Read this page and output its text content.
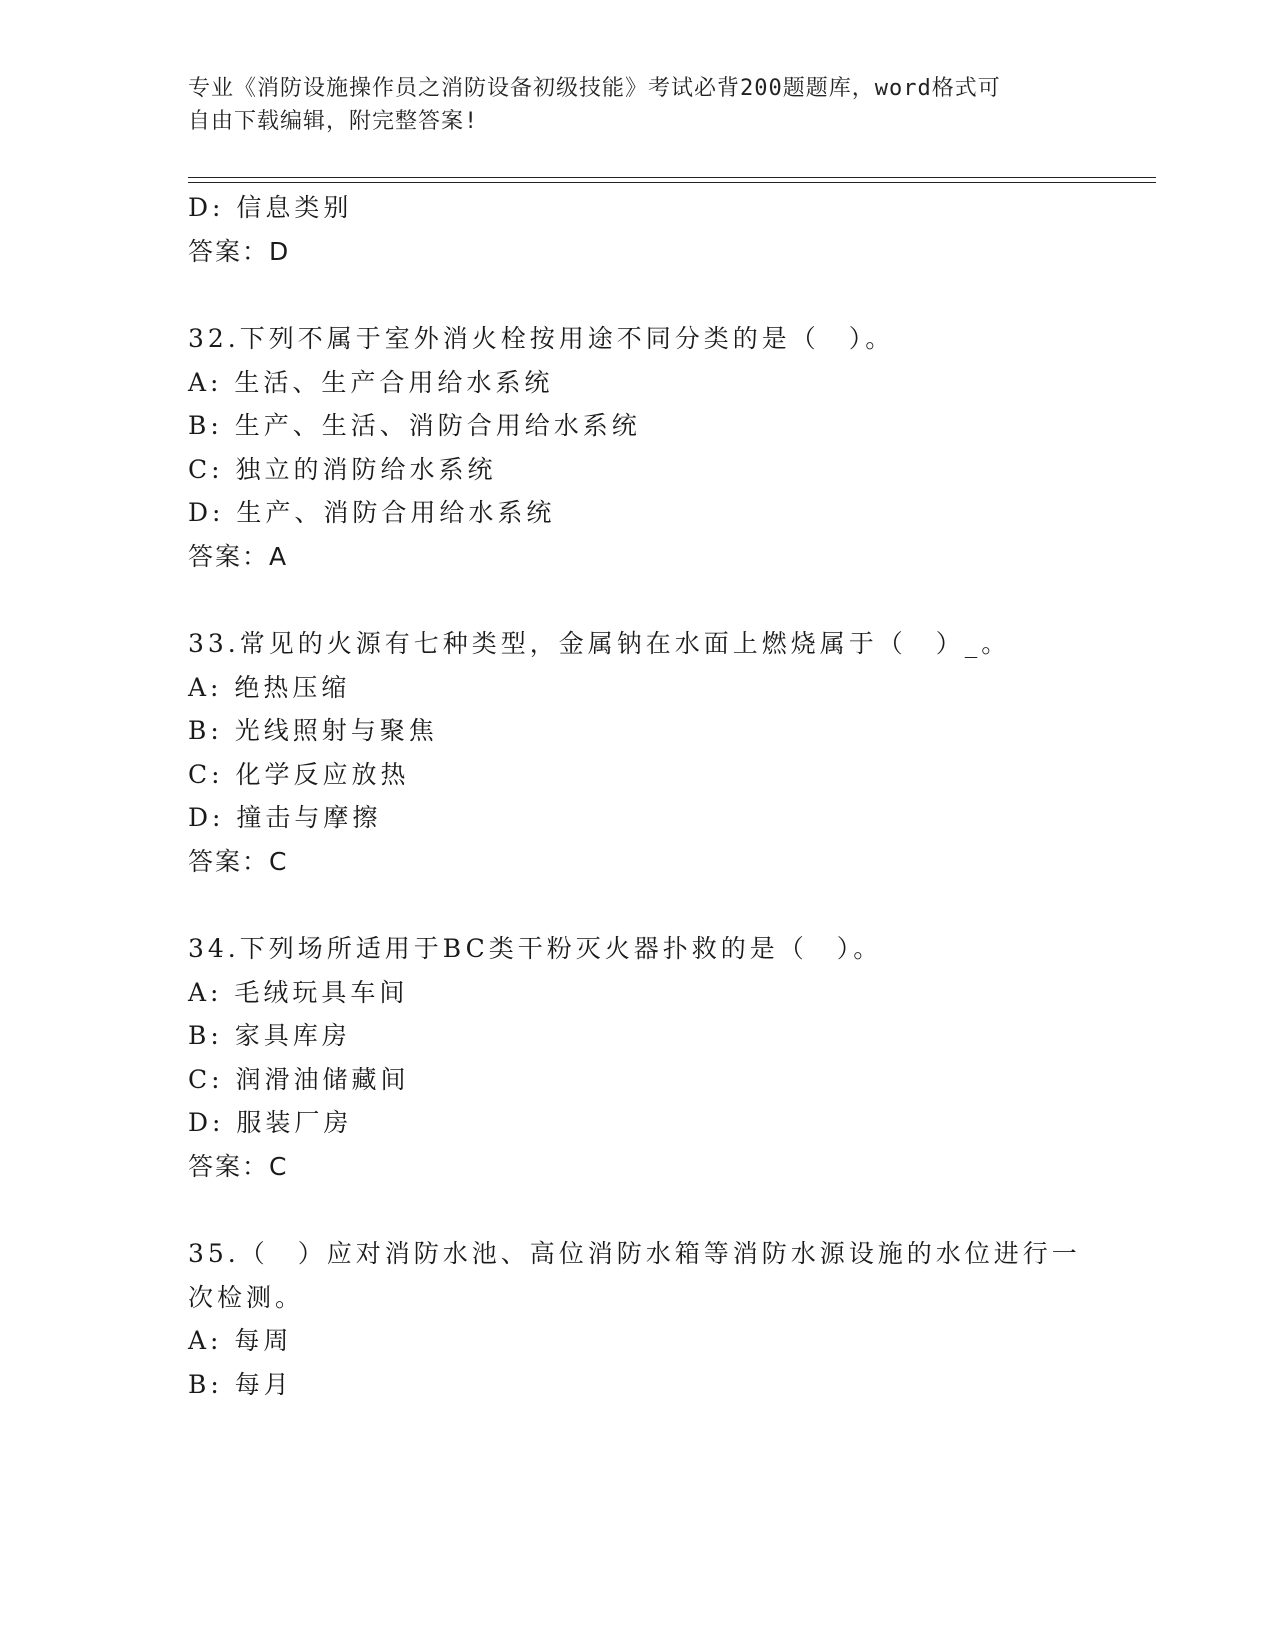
专业《消防设施操作员之消防设备初级技能》考试必背200题题库，word格式可
自由下载编辑，附完整答案!
D: 信息类别
答案：D
32.下列不属于室外消火栓按用途不同分类的是（　）。
A: 生活、生产合用给水系统
B: 生产、生活、消防合用给水系统
C: 独立的消防给水系统
D: 生产、消防合用给水系统
答案：A
33.常见的火源有七种类型，金属钠在水面上燃烧属于（　）_。
A: 绝热压缩
B: 光线照射与聚焦
C: 化学反应放热
D: 撞击与摩擦
答案：C
34.下列场所适用于BC类干粉灭火器扑救的是（　）。
A: 毛绒玩具车间
B: 家具库房
C: 润滑油储藏间
D: 服装厂房
答案：C
35.（　）应对消防水池、高位消防水箱等消防水源设施的水位进行一
次检测。
A: 每周
B: 每月
